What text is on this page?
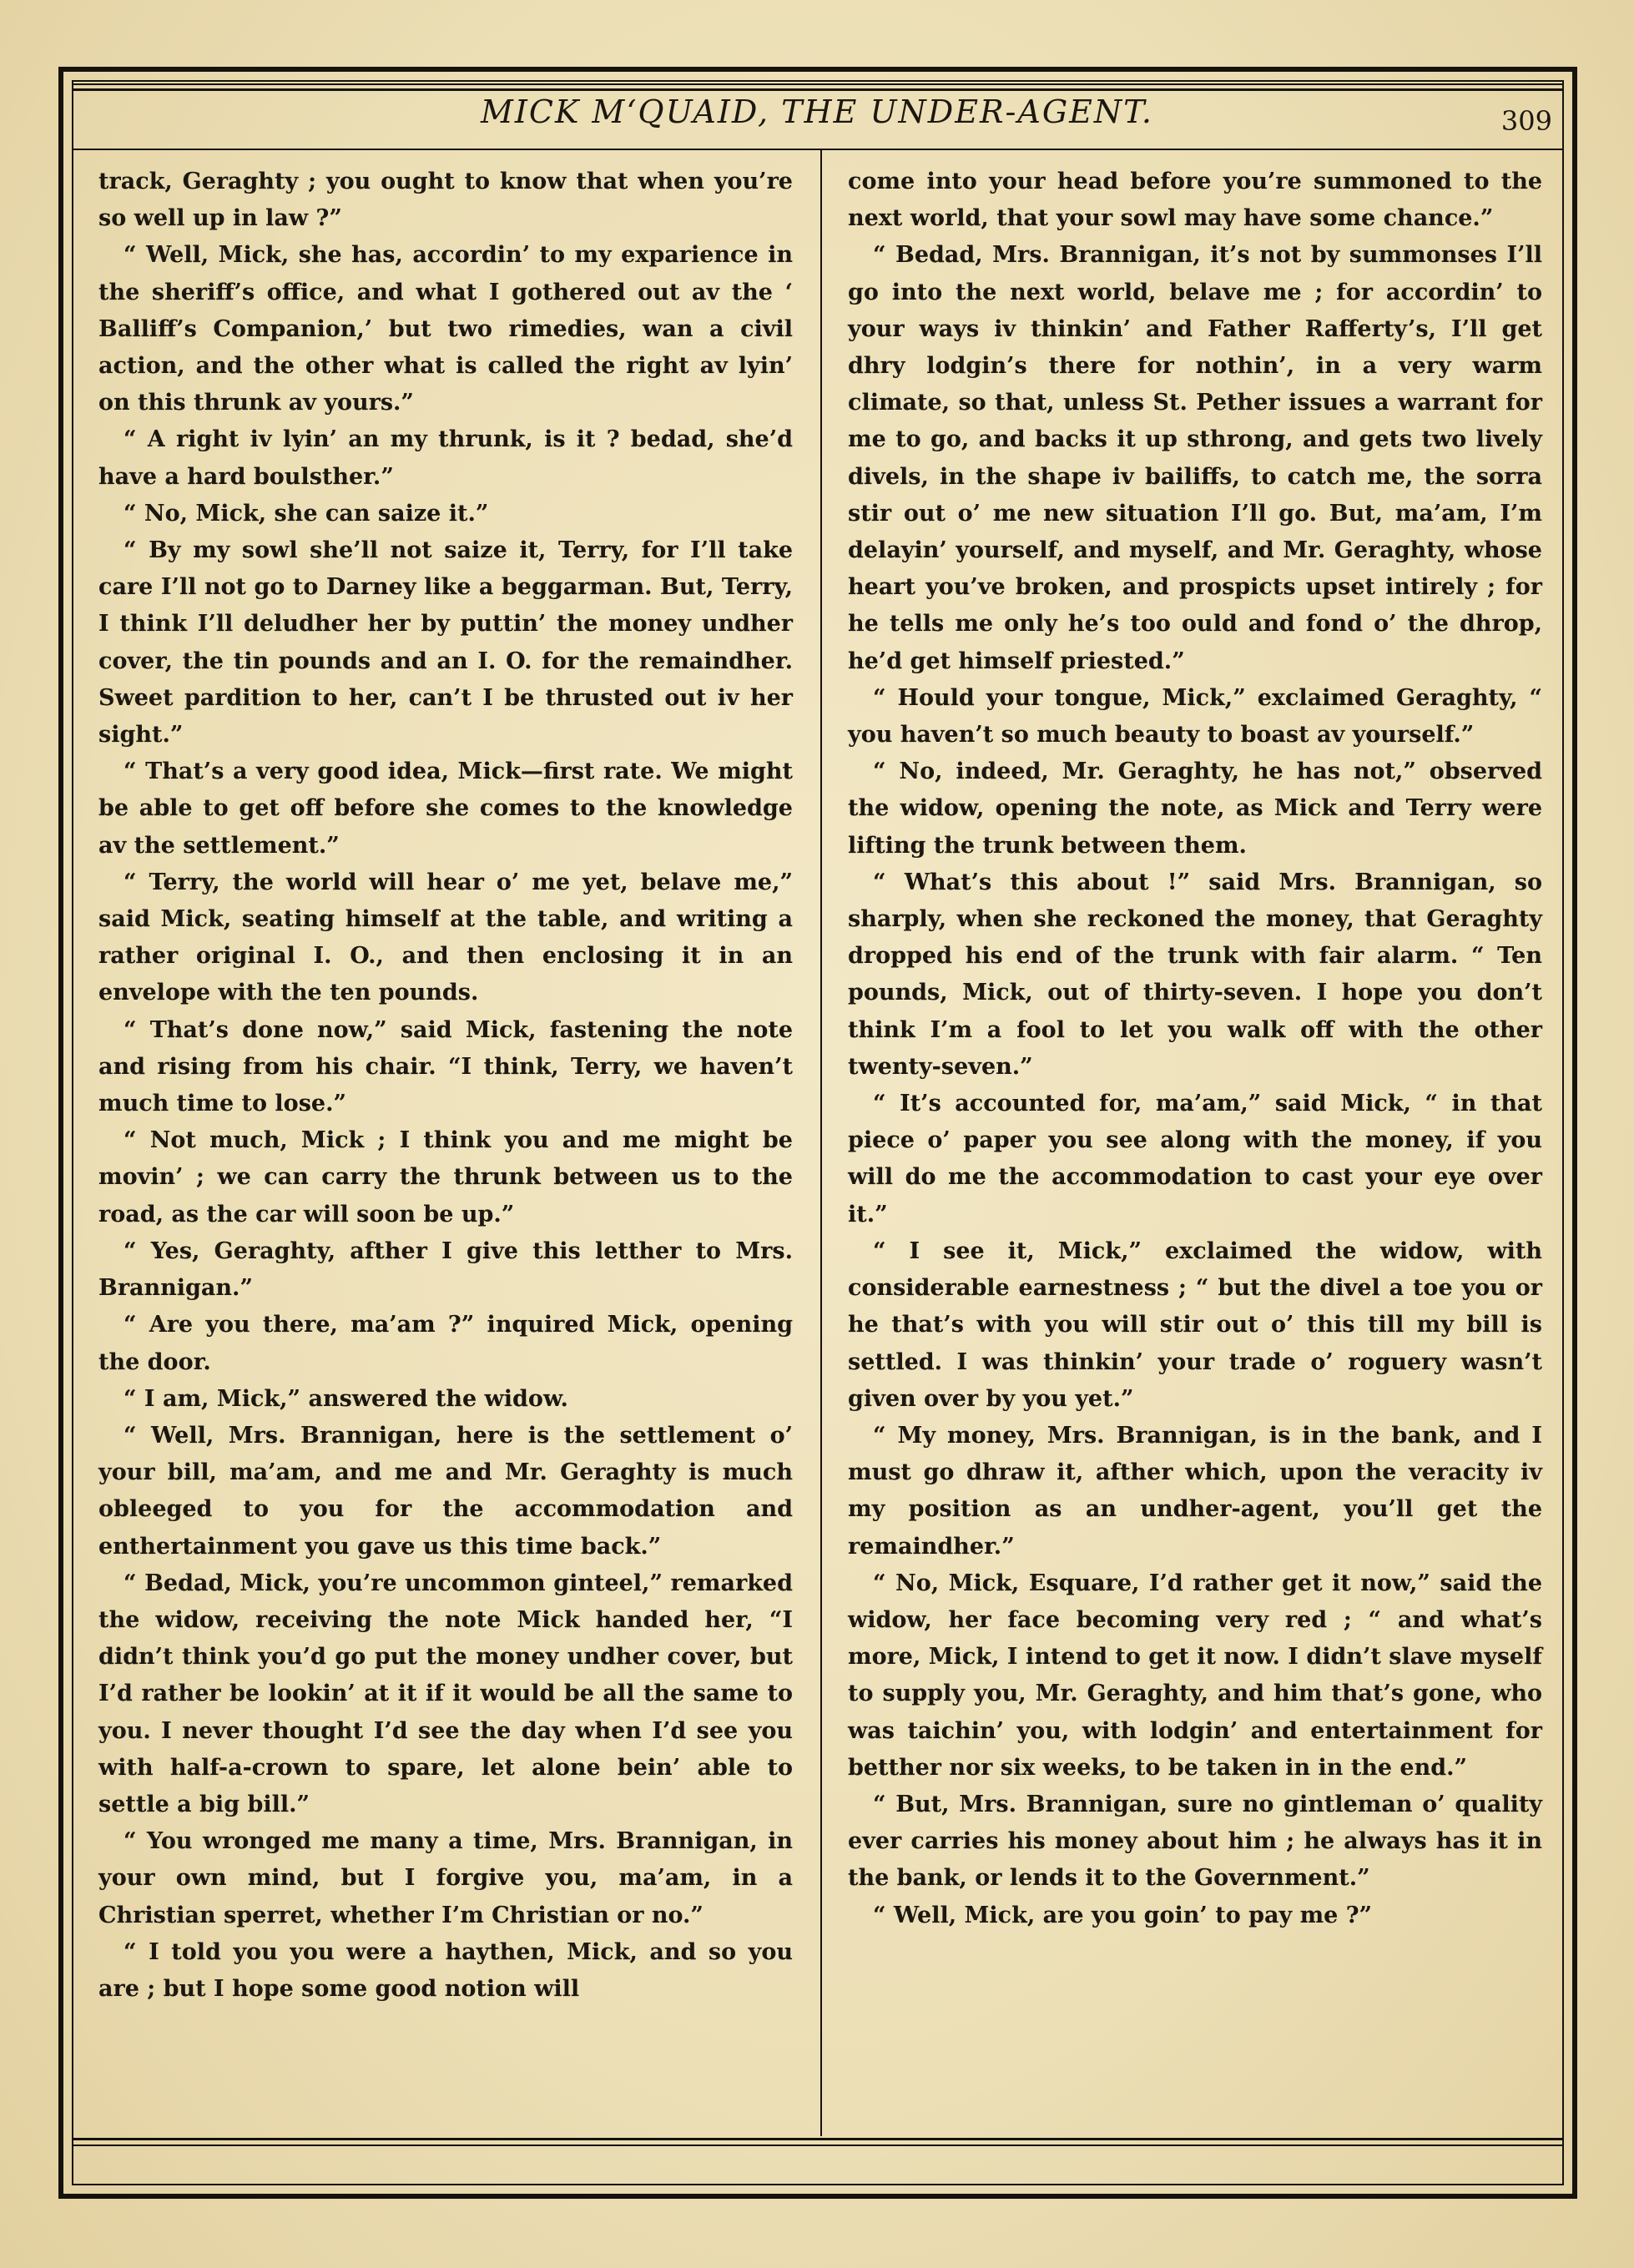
MICK M‘QUAID, THE UNDER-AGENT.	309

track, Geraghty ; you ought to know that when you’re so well up in law ?”

“ Well, Mick, she has, accordin’ to my exparience in the sheriff’s office, and what I gothered out av the ‘ Balliff’s Companion,’ but two rimedies, wan a civil action, and the other what is called the right av lyin’ on this thrunk av yours.”

“ A right iv lyin’ an my thrunk, is it ? bedad, she’d have a hard boulsther.”

“ No, Mick, she can saize it.”

“ By my sowl she’ll not saize it, Terry, for I’ll take care I’ll not go to Darney like a beggarman. But, Terry, I think I’ll deludher her by puttin’ the money undher cover, the tin pounds and an I. O. for the remaindher. Sweet pardition to her, can’t I be thrusted out iv her sight.”

“ That’s a very good idea, Mick—first rate. We might be able to get off before she comes to the knowledge av the settlement.”

“ Terry, the world will hear o’ me yet, belave me,” said Mick, seating himself at the table, and writing a rather original I. O., and then enclosing it in an envelope with the ten pounds.

“ That’s done now,” said Mick, fastening the note and rising from his chair. “I think, Terry, we haven’t much time to lose.”

“ Not much, Mick ; I think you and me might be movin’ ; we can carry the thrunk between us to the road, as the car will soon be up.”

“ Yes, Geraghty, afther I give this letther to Mrs. Brannigan.”

“ Are you there, ma’am ?” inquired Mick, opening the door.

“ I am, Mick,” answered the widow.

“ Well, Mrs. Brannigan, here is the settlement o’ your bill, ma’am, and me and Mr. Geraghty is much obleeged to you for the accommodation and enthertainment you gave us this time back.”

“ Bedad, Mick, you’re uncommon ginteel,” remarked the widow, receiving the note Mick handed her, “I didn’t think you’d go put the money undher cover, but I’d rather be lookin’ at it if it would be all the same to you. I never thought I’d see the day when I’d see you with half-a-crown to spare, let alone bein’ able to settle a big bill.”

“ You wronged me many a time, Mrs. Brannigan, in your own mind, but I forgive you, ma’am, in a Christian sperret, whether I’m Christian or no.”

“ I told you you were a haythen, Mick, and so you are ; but I hope some good notion will

come into your head before you’re summoned to the next world, that your sowl may have some chance.”

“ Bedad, Mrs. Brannigan, it’s not by summonses I’ll go into the next world, belave me ; for accordin’ to your ways iv thinkin’ and Father Rafferty’s, I’ll get dhry lodgin’s there for nothin’, in a very warm climate, so that, unless St. Pether issues a warrant for me to go, and backs it up sthrong, and gets two lively divels, in the shape iv bailiffs, to catch me, the sorra stir out o’ me new situation I’ll go. But, ma’am, I’m delayin’ yourself, and myself, and Mr. Geraghty, whose heart you’ve broken, and prospicts upset intirely ; for he tells me only he’s too ould and fond o’ the dhrop, he’d get himself priested.”

“ Hould your tongue, Mick,” exclaimed Geraghty, “ you haven’t so much beauty to boast av yourself.”

“ No, indeed, Mr. Geraghty, he has not,” observed the widow, opening the note, as Mick and Terry were lifting the trunk between them.

“ What’s this about !” said Mrs. Brannigan, so sharply, when she reckoned the money, that Geraghty dropped his end of the trunk with fair alarm. “ Ten pounds, Mick, out of thirty-seven. I hope you don’t think I’m a fool to let you walk off with the other twenty-seven.”

“ It’s accounted for, ma’am,” said Mick, “ in that piece o’ paper you see along with the money, if you will do me the accommodation to cast your eye over it.”

“ I see it, Mick,” exclaimed the widow, with considerable earnestness ; “ but the divel a toe you or he that’s with you will stir out o’ this till my bill is settled. I was thinkin’ your trade o’ roguery wasn’t given over by you yet.”

“ My money, Mrs. Brannigan, is in the bank, and I must go dhraw it, afther which, upon the veracity iv my position as an undher-agent, you’ll get the remaindher.”

“ No, Mick, Esquare, I’d rather get it now,” said the widow, her face becoming very red ; “ and what’s more, Mick, I intend to get it now. I didn’t slave myself to supply you, Mr. Geraghty, and him that’s gone, who was taichin’ you, with lodgin’ and entertainment for betther nor six weeks, to be taken in in the end.”

“ But, Mrs. Brannigan, sure no gintleman o’ quality ever carries his money about him ; he always has it in the bank, or lends it to the Government.”

“ Well, Mick, are you goin’ to pay me ?”
